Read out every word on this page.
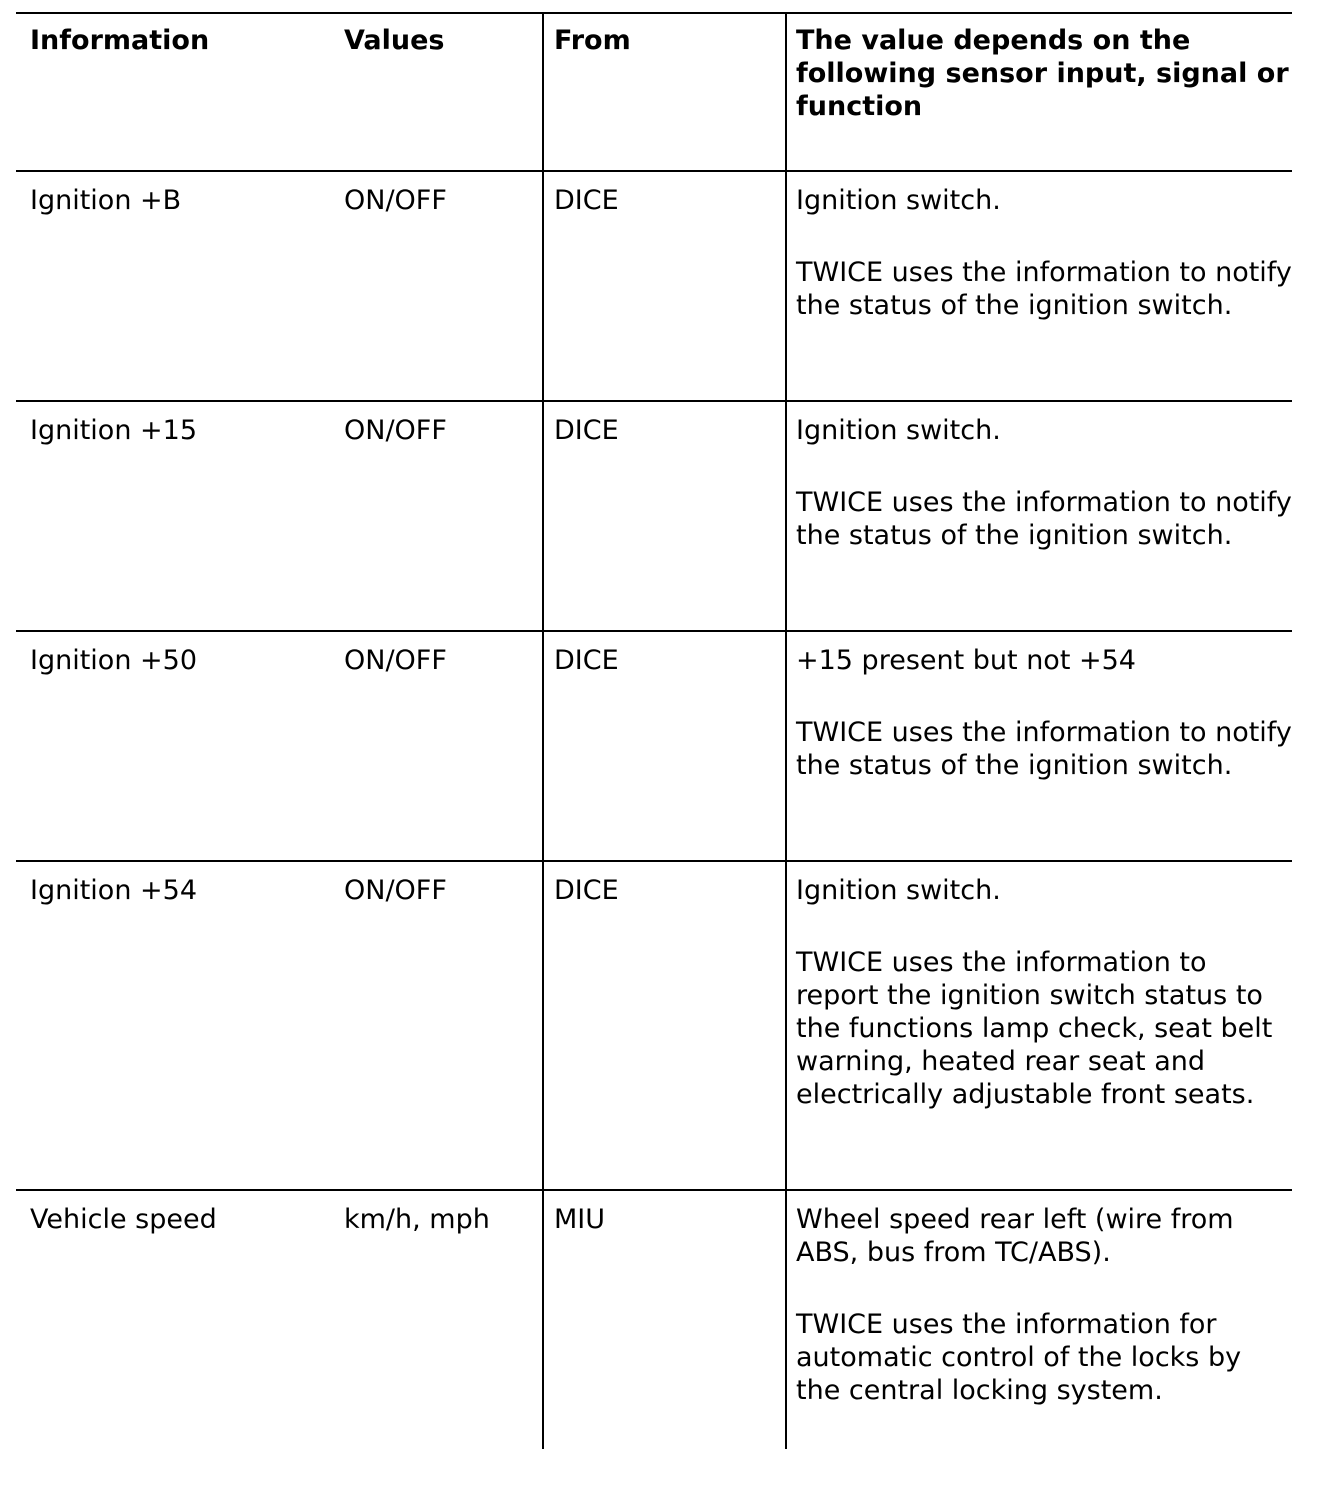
Information	Values	From	The value depends on the following sensor input, signal or function
Ignition +B	ON/OFF	DICE	Ignition switch.

TWICE uses the information to notify the status of the ignition switch.

Ignition +15	ON/OFF	DICE	Ignition switch.

TWICE uses the information to notify the status of the ignition switch.

Ignition +50	ON/OFF	DICE	+15 present but not +54

TWICE uses the information to notify the status of the ignition switch.

Ignition +54	ON/OFF	DICE	Ignition switch.

TWICE uses the information to report the ignition switch status to the functions lamp check, seat belt warning, heated rear seat and electrically adjustable front seats.

Vehicle speed	km/h, mph	MIU	Wheel speed rear left (wire from ABS, bus from TC/ABS).

TWICE uses the information for automatic control of the locks by the central locking system.
